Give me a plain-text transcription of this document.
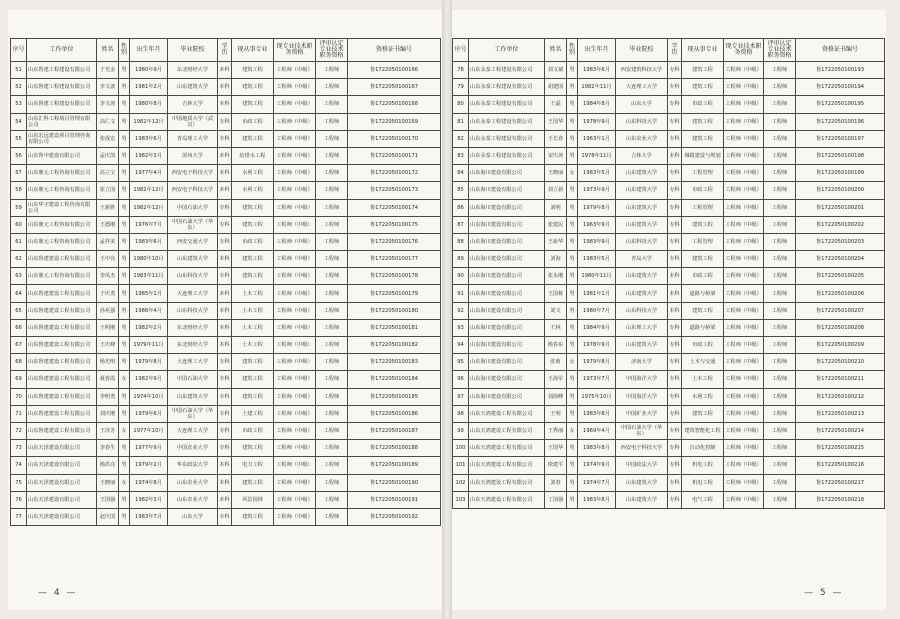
序号	工作单位	姓名	性别	出生年月	毕业院校	学历	现从事专业	现专业技术职务资格	评审认定专业技术职务资格	资格证书编号
51	山东鲁建工程建设有限公司	于光金	男	1980年9月	东北财经大学	本科	建筑工程	工程师（中级）	工程师	鲁1722050100166
52	山东鲁建工程建设有限公司	李文波	男	1981年2月	山东建筑大学	本科	建筑工程	工程师（中级）	工程师	鲁1722050100167
53	山东鲁建工程建设有限公司	李文涛	男	1980年8月	吉林大学	本科	建筑工程	工程师（中级）	工程师	鲁1722050100168
54	山东汇科工程项目管理有限公司	高仁文	男	1982年12月	中国地质大学（武汉）	专科	市政工程	工程师（中级）	工程师	鲁1722050100169
55	山东宏远建设项目管理咨询有限公司	张成宏	男	1983年6月	青岛理工大学	专科	建筑工程	工程师（中级）	工程师	鲁1722050100170
56	山东鲁中建设有限公司	孟庆凯	男	1982年3月	滨州大学	本科	给排水工程	工程师（中级）	工程师	鲁1722050100171
57	山东鼎元工程咨询有限公司	高立宝	男	1977年4月	西安电子科技大学	本科	水利工程	工程师（中级）	工程师	鲁1722050100172
58	山东鼎元工程咨询有限公司	崔立国	男	1982年12月	西安电子科技大学	本科	水利工程	工程师（中级）	工程师	鲁1722050100173
59	山东华宇建设工程咨询有限公司	王新胜	男	1982年12月	中国石油大学	专科	建筑工程	工程师（中级）	工程师	鲁1722050100174
60	山东鼎元工程咨询有限公司	王德刚	男	1976年7月	中国石油大学（华东）	专科	建筑工程	工程师（中级）	工程师	鲁1722050100175
61	山东鼎元工程咨询有限公司	孟祥美	男	1983年6月	西安交通大学	专科	市政工程	工程师（中级）	工程师	鲁1722050100176
62	山东鲁建建设工程有限公司	王中亮	男	1980年10月	山东建筑大学	本科	建筑工程	工程师（中级）	工程师	鲁1722050100177
63	山东鼎元工程咨询有限公司	李凤杰	男	1983年11月	山东科技大学	专科	建筑工程	工程师（中级）	工程师	鲁1722050100178
64	山东鲁建建设工程有限公司	于庆勇	男	1985年1月	大连理工大学	本科	土木工程	工程师（中级）	工程师	鲁1722050100179
65	山东鲁建建设工程有限公司	孙兆强	男	1986年4月	山东科技大学	本科	土木工程	工程师（中级）	工程师	鲁1722050100180
66	山东鲁建建设工程有限公司	王明刚	男	1982年2月	东北财经大学	本科	土木工程	工程师（中级）	工程师	鲁1722050100181
67	山东鲁建建设工程有限公司	王庆峰	男	1979年11月	东北财经大学	本科	土木工程	工程师（中级）	工程师	鲁1722050100182
68	山东鲁建建设工程有限公司	杨光明	男	1979年8月	大连理工大学	专科	建筑工程	工程师（中级）	工程师	鲁1722050100183
69	山东鲁建建设工程有限公司	聂春霞	女	1982年9月	中国石油大学	专科	建筑工程	工程师（中级）	工程师	鲁1722050100184
70	山东鲁建建设工程有限公司	李明勇	男	1974年10月	山东建筑大学	专科	建筑工程	工程师（中级）	工程师	鲁1722050100185
71	山东鲁建建设工程有限公司	刘庆刚	男	1979年6月	中国石油大学（华东）	专科	土建工程	工程师（中级）	工程师	鲁1722050100186
72	山东鲁建建设工程有限公司	王泽芳	女	1977年10月	大连理工大学	专科	市政工程	工程师（中级）	工程师	鲁1722050100187
73	山东天泽建设有限公司	李春生	男	1977年9月	中国农业大学	专科	建筑工程	工程师（中级）	工程师	鲁1722050100188
74	山东天泽建设有限公司	杨洪亮	男	1979年2月	华东政法大学	本科	电力工程	工程师（中级）	工程师	鲁1722050100189
75	山东天泽建设有限公司	王晓丽	女	1974年8月	山东农业大学	本科	建筑工程	工程师（中级）	工程师	鲁1722050100190
76	山东天泽建设有限公司	王国强	男	1982年3月	山东农业大学	本科	风景园林	工程师（中级）	工程师	鲁1722050100191
77	山东天泽建设有限公司	赵庆国	男	1983年7月	山东大学	专科	建筑工程	工程师（中级）	工程师	鲁1722050100192
— 4 —
序号	工作单位	姓名	性别	出生年月	毕业院校	学历	现从事专业	现专业技术职务资格	评审认定专业技术职务资格	资格证书编号
78	山东永泰工程建设有限公司	刘文斌	男	1983年6月	西安建筑科技大学	专科	建筑工程	工程师（中级）	工程师	鲁1722050100193
79	山东永泰工程建设有限公司	胡建国	男	1982年11月	大连理工大学	专科	建筑工程	工程师（中级）	工程师	鲁1722050100194
80	山东永泰工程建设有限公司	王磊	男	1984年8月	山东大学	专科	市政工程	工程师（中级）	工程师	鲁1722050100195
81	山东永泰工程建设有限公司	王国华	男	1978年9月	山东科技大学	专科	建筑工程	工程师（中级）	工程师	鲁1722050100196
82	山东永泰工程建设有限公司	王长春	男	1963年1月	山东农业大学	专科	建筑工程	工程师（中级）	工程师	鲁1722050100197
83	山东永泰工程建设有限公司	宋庆涛	男	1978年11月	吉林大学	本科	城镇建设与规划	工程师（中级）	工程师	鲁1722050100198
84	山东海川建设有限公司	王晓丽	女	1983年5月	山东建筑大学	专科	工程管理	工程师（中级）	工程师	鲁1722050100199
85	山东海川建设有限公司	刘立新	男	1973年9月	山东建筑大学	专科	市政工程	工程师（中级）	工程师	鲁1722050100200
86	山东海川建设有限公司	刘明	男	1979年8月	山东建筑大学	专科	工程管理	工程师（中级）	工程师	鲁1722050100201
87	山东海川建设有限公司	张建民	男	1963年9月	山东建筑大学	专科	建筑工程	工程师（中级）	工程师	鲁1722050100202
88	山东海川建设有限公司	王新华	男	1983年9月	山东科技大学	专科	工程管理	工程师（中级）	工程师	鲁1722050100203
89	山东海川建设有限公司	刘海	男	1983年5月	青岛大学	专科	建筑工程	工程师（中级）	工程师	鲁1722050100204
90	山东海川建设有限公司	张永刚	男	1980年11月	山东建筑大学	本科	市政工程	工程师（中级）	工程师	鲁1722050100205
91	山东海川建设有限公司	王国栋	男	1981年1月	山东建筑大学	本科	道路与桥梁	工程师（中级）	工程师	鲁1722050100206
92	山东海川建设有限公司	刘文	男	1980年7月	山东科技大学	本科	建筑工程	工程师（中级）	工程师	鲁1722050100207
93	山东海川建设有限公司	王林	男	1984年9月	山东理工大学	专科	道路与桥梁	工程师（中级）	工程师	鲁1722050100208
94	山东海川建设有限公司	杨春东	男	1978年9月	山东建筑大学	专科	市政工程	工程师（中级）	工程师	鲁1722050100209
95	山东海川建设有限公司	张莉	女	1979年8月	济南大学	专科	土木与交通	工程师（中级）	工程师	鲁1722050100210
96	山东海川建设有限公司	王海军	男	1973年7月	中国海洋大学	专科	土木工程	工程师（中级）	工程师	鲁1722050100211
97	山东海川建设有限公司	刘海峰	男	1975年10月	中国海洋大学	专科	水利工程	工程师（中级）	工程师	鲁1722050100212
98	山东天鸿建设工程有限公司	王明	男	1983年8月	中国矿业大学	专科	建筑工程	工程师（中级）	工程师	鲁1722050100213
99	山东天鸿建设工程有限公司	王秀丽	女	1969年4月	中国石油大学（华东）	专科	建筑智能化工程	工程师（中级）	工程师	鲁1722050100214
100	山东天鸿建设工程有限公司	王国华	男	1983年8月	西安电子科技大学	专科	自动化控制	工程师（中级）	工程师	鲁1722050100215
101	山东天鸿建设工程有限公司	徐建平	男	1974年9月	中国政法大学	专科	机电工程	工程师（中级）	工程师	鲁1722050100216
102	山东天鸿建设工程有限公司	刘春	男	1974年7月	山东建筑大学	专科	机电工程	工程师（中级）	工程师	鲁1722050100217
103	山东天鸿建设工程有限公司	丁国强	男	1983年8月	山东建筑大学	专科	电气工程	工程师（中级）	工程师	鲁1722050100218
— 5 —
